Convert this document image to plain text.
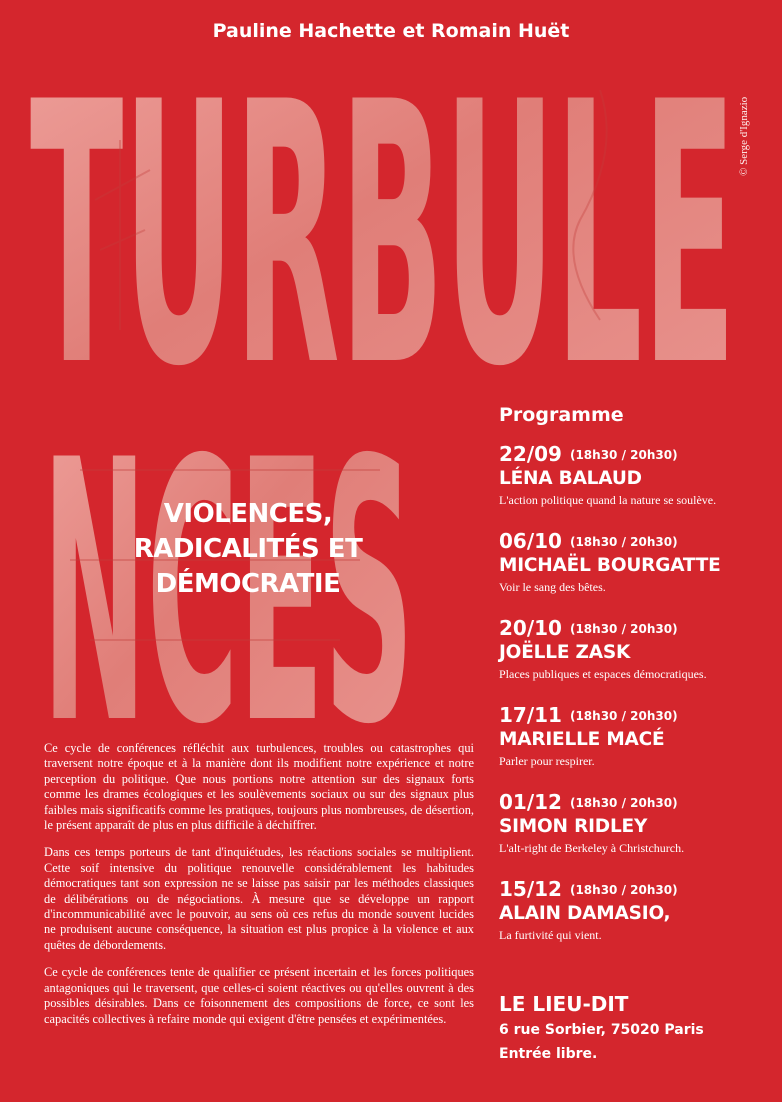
Pauline Hachette et Romain Huët
© Serge d'Ignazio
TURBULE
NCES
VIOLENCES,
RADICALITÉS ET
DÉMOCRATIE

Ce cycle de conférences réfléchit aux turbulences, troubles ou catastrophes qui traversent notre époque et à la manière dont ils modifient notre expérience et notre perception du politique. Que nous portions notre attention sur des signaux forts comme les drames écologiques et les soulèvements sociaux ou sur des signaux plus faibles mais significatifs comme les pratiques, toujours plus nombreuses, de désertion, le présent apparaît de plus en plus difficile à déchiffrer.

Dans ces temps porteurs de tant d'inquiétudes, les réactions sociales se multiplient. Cette soif intensive du politique renouvelle considérablement les habitudes démocratiques tant son expression ne se laisse pas saisir par les méthodes classiques de délibérations ou de négociations. À mesure que se développe un rapport d'incommunicabilité avec le pouvoir, au sens où ces refus du monde souvent lucides ne produisent aucune conséquence, la situation est plus propice à la violence et aux quêtes de débordements.

Ce cycle de conférences tente de qualifier ce présent incertain et les forces politiques antagoniques qui le traversent, que celles-ci soient réactives ou qu'elles ouvrent à des possibles désirables. Dans ce foisonnement des compositions de force, ce sont les capacités collectives à refaire monde qui exigent d'être pensées et expérimentées.

Programme
22/09 (18h30 / 20h30)
LÉNA BALAUD
L'action politique quand la nature se soulève.
06/10 (18h30 / 20h30)
MICHAËL BOURGATTE
Voir le sang des bêtes.
20/10 (18h30 / 20h30)
JOËLLE ZASK
Places publiques et espaces démocratiques.
17/11 (18h30 / 20h30)
MARIELLE MACÉ
Parler pour respirer.
01/12 (18h30 / 20h30)
SIMON RIDLEY
L'alt-right de Berkeley à Christchurch.
15/12 (18h30 / 20h30)
ALAIN DAMASIO,
La furtivité qui vient.
LE LIEU-DIT
6 rue Sorbier, 75020 Paris
Entrée libre.
